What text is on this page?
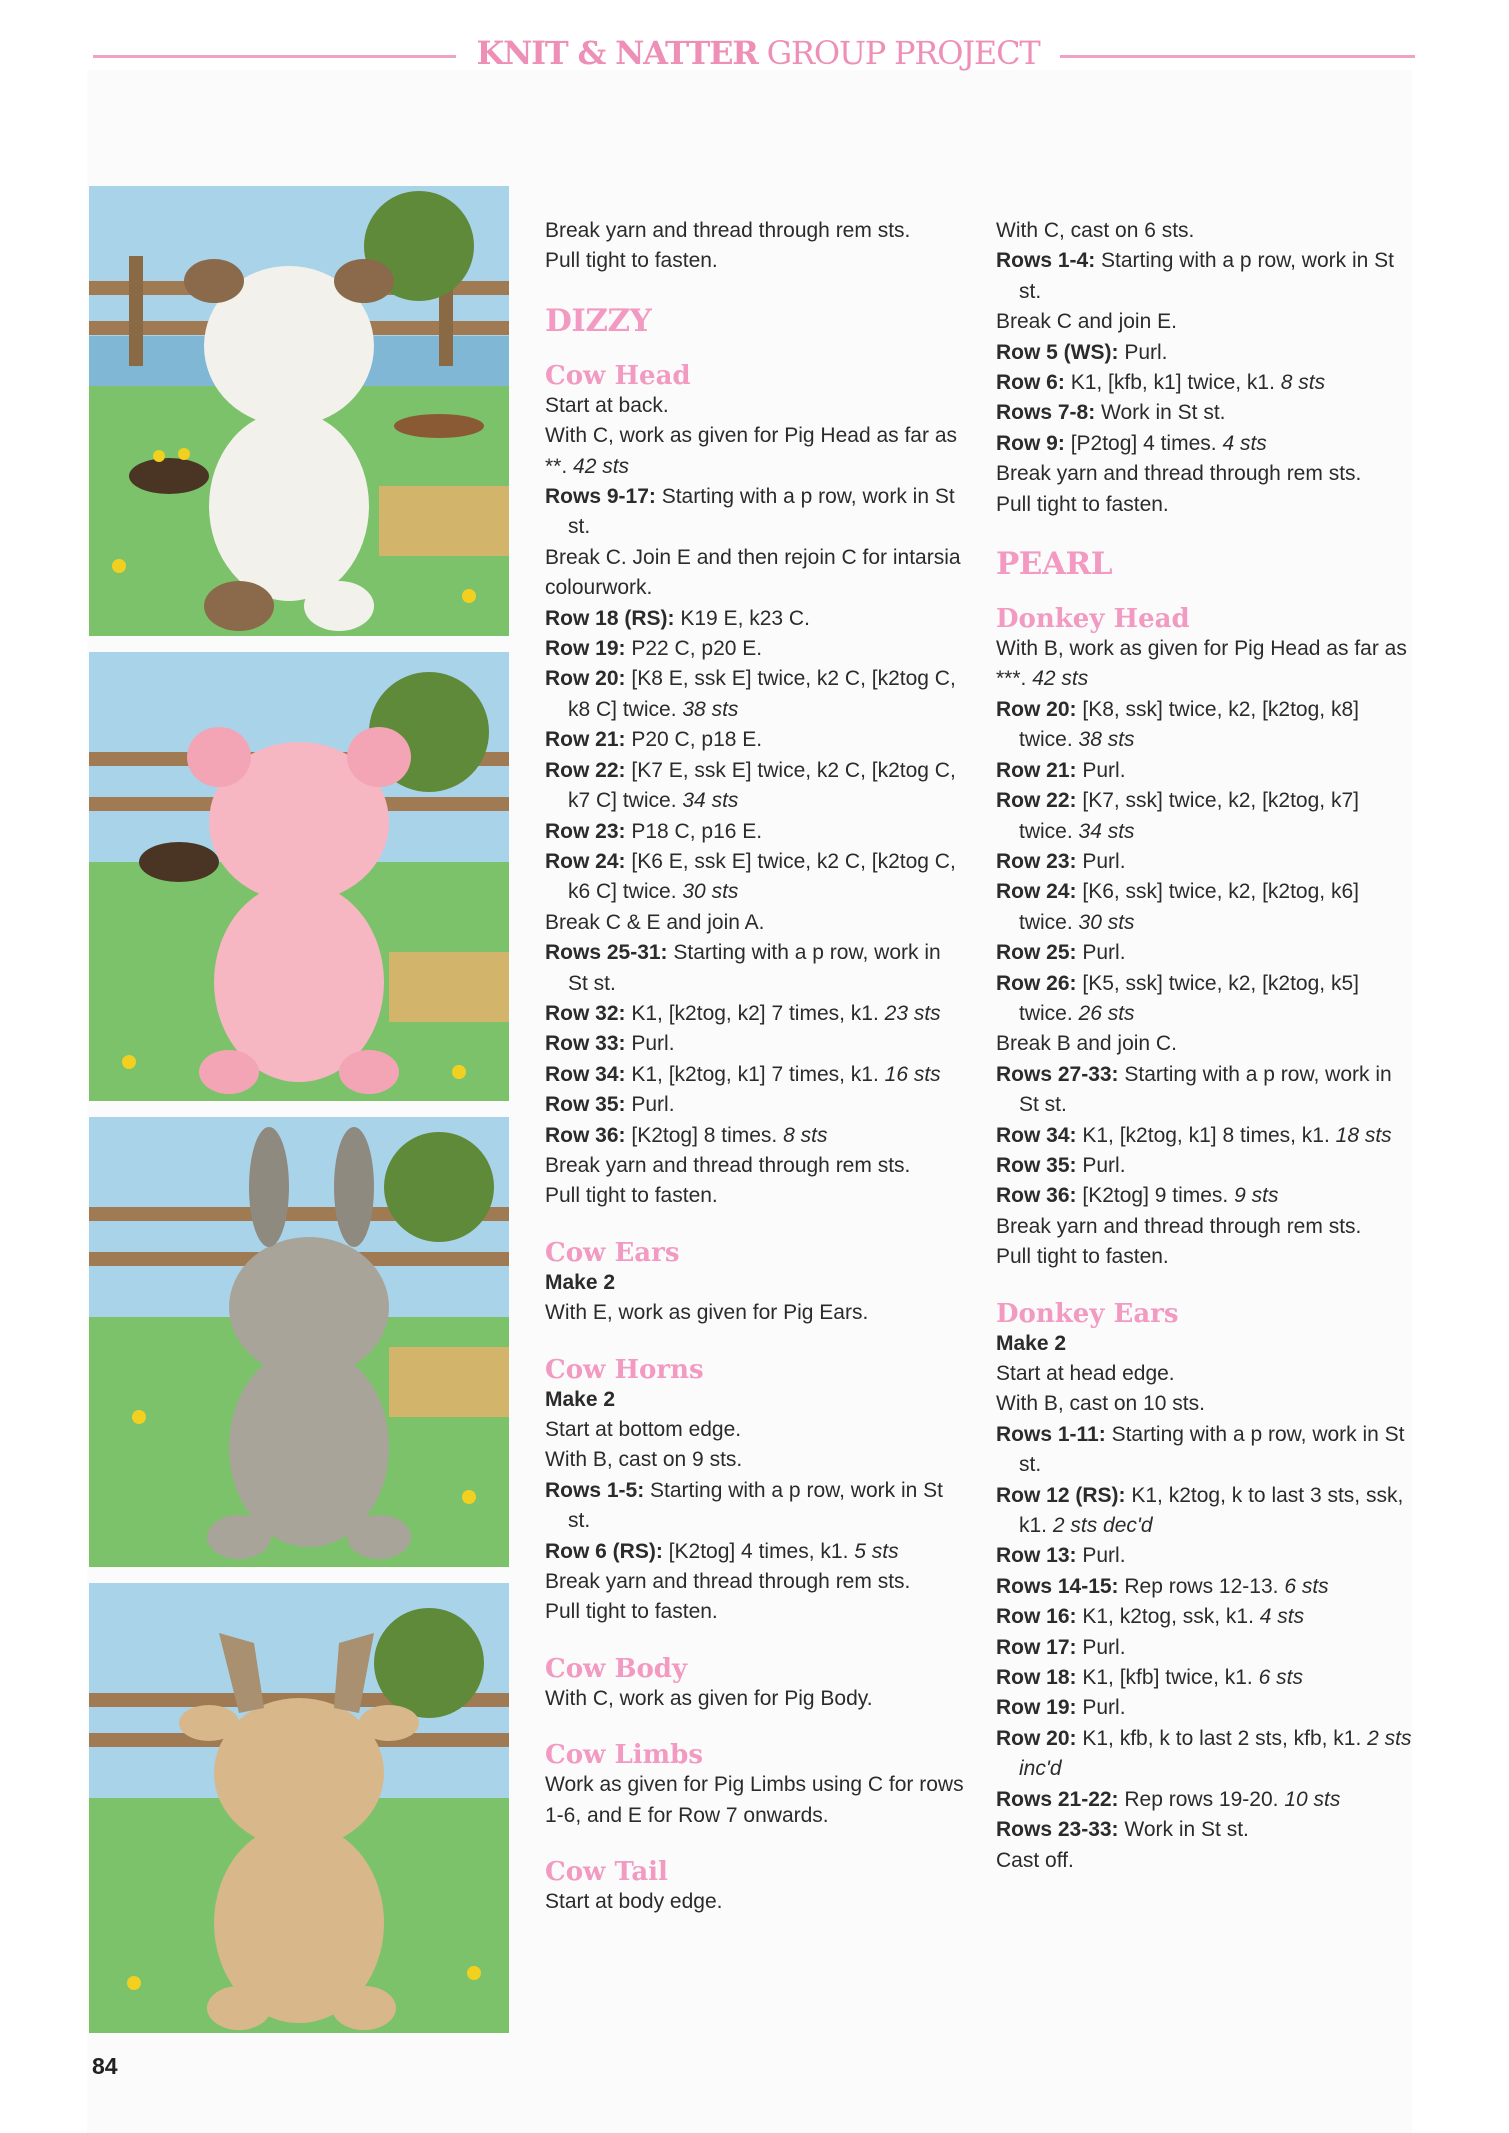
KNIT & NATTER GROUP PROJECT

Break yarn and thread through rem sts.

Pull tight to fasten.

DIZZY
Cow Head

Start at back.

With C, work as given for Pig Head as far as **. 42 sts

Rows 9-17: Starting with a p row, work in St st.

Break C. Join E and then rejoin C for intarsia colourwork.

Row 18 (RS): K19 E, k23 C.

Row 19: P22 C, p20 E.

Row 20: [K8 E, ssk E] twice, k2 C, [k2tog C, k8 C] twice. 38 sts

Row 21: P20 C, p18 E.

Row 22: [K7 E, ssk E] twice, k2 C, [k2tog C, k7 C] twice. 34 sts

Row 23: P18 C, p16 E.

Row 24: [K6 E, ssk E] twice, k2 C, [k2tog C, k6 C] twice. 30 sts

Break C & E and join A.

Rows 25-31: Starting with a p row, work in St st.

Row 32: K1, [k2tog, k2] 7 times, k1. 23 sts

Row 33: Purl.

Row 34: K1, [k2tog, k1] 7 times, k1. 16 sts

Row 35: Purl.

Row 36: [K2tog] 8 times. 8 sts

Break yarn and thread through rem sts.

Pull tight to fasten.

Cow Ears

Make 2

With E, work as given for Pig Ears.

Cow Horns

Make 2

Start at bottom edge.

With B, cast on 9 sts.

Rows 1-5: Starting with a p row, work in St st.

Row 6 (RS): [K2tog] 4 times, k1. 5 sts

Break yarn and thread through rem sts.

Pull tight to fasten.

Cow Body

With C, work as given for Pig Body.

Cow Limbs

Work as given for Pig Limbs using C for rows 1-6, and E for Row 7 onwards.

Cow Tail

Start at body edge.

With C, cast on 6 sts.

Rows 1-4: Starting with a p row, work in St st.

Break C and join E.

Row 5 (WS): Purl.

Row 6: K1, [kfb, k1] twice, k1. 8 sts

Rows 7-8: Work in St st.

Row 9: [P2tog] 4 times. 4 sts

Break yarn and thread through rem sts.

Pull tight to fasten.

PEARL
Donkey Head

With B, work as given for Pig Head as far as ***. 42 sts

Row 20: [K8, ssk] twice, k2, [k2tog, k8] twice. 38 sts

Row 21: Purl.

Row 22: [K7, ssk] twice, k2, [k2tog, k7] twice. 34 sts

Row 23: Purl.

Row 24: [K6, ssk] twice, k2, [k2tog, k6] twice. 30 sts

Row 25: Purl.

Row 26: [K5, ssk] twice, k2, [k2tog, k5] twice. 26 sts

Break B and join C.

Rows 27-33: Starting with a p row, work in St st.

Row 34: K1, [k2tog, k1] 8 times, k1. 18 sts

Row 35: Purl.

Row 36: [K2tog] 9 times. 9 sts

Break yarn and thread through rem sts.

Pull tight to fasten.

Donkey Ears

Make 2

Start at head edge.

With B, cast on 10 sts.

Rows 1-11: Starting with a p row, work in St st.

Row 12 (RS): K1, k2tog, k to last 3 sts, ssk, k1. 2 sts dec'd

Row 13: Purl.

Rows 14-15: Rep rows 12-13. 6 sts

Row 16: K1, k2tog, ssk, k1. 4 sts

Row 17: Purl.

Row 18: K1, [kfb] twice, k1. 6 sts

Row 19: Purl.

Row 20: K1, kfb, k to last 2 sts, kfb, k1. 2 sts inc'd

Rows 21-22: Rep rows 19-20. 10 sts

Rows 23-33: Work in St st.

Cast off.

84
